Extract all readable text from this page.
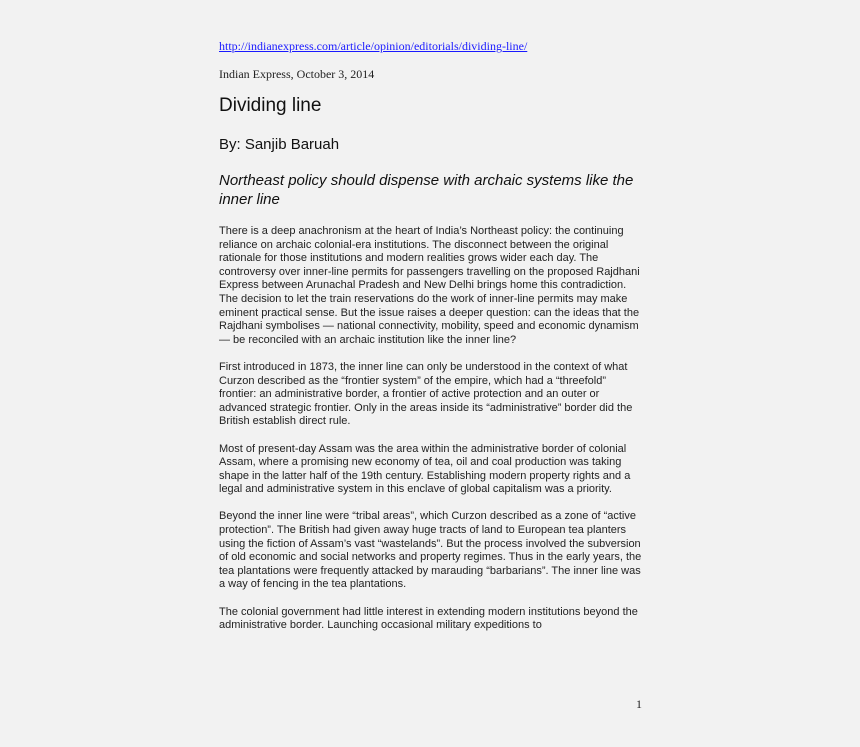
http://indianexpress.com/article/opinion/editorials/dividing-line/
Indian Express, October 3, 2014
Dividing line
By: Sanjib Baruah
Northeast policy should dispense with archaic systems like the inner line

There is a deep anachronism at the heart of India’s Northeast policy: the continuing reliance on archaic colonial-era institutions. The disconnect between the original rationale for those institutions and modern realities grows wider each day. The controversy over inner-line permits for passengers travelling on the proposed Rajdhani Express between Arunachal Pradesh and New Delhi brings home this contradiction. The decision to let the train reservations do the work of inner-line permits may make eminent practical sense. But the issue raises a deeper question: can the ideas that the Rajdhani symbolises — national connectivity, mobility, speed and economic dynamism — be reconciled with an archaic institution like the inner line?

First introduced in 1873, the inner line can only be understood in the context of what Curzon described as the “frontier system” of the empire, which had a “threefold” frontier: an administrative border, a frontier of active protection and an outer or advanced strategic frontier. Only in the areas inside its “administrative” border did the British establish direct rule.

Most of present-day Assam was the area within the administrative border of colonial Assam, where a promising new economy of tea, oil and coal production was taking shape in the latter half of the 19th century. Establishing modern property rights and a legal and administrative system in this enclave of global capitalism was a priority.

Beyond the inner line were “tribal areas”, which Curzon described as a zone of “active protection”. The British had given away huge tracts of land to European tea planters using the fiction of Assam’s vast “wastelands”. But the process involved the subversion of old economic and social networks and property regimes. Thus in the early years, the tea plantations were frequently attacked by marauding “barbarians”. The inner line was a way of fencing in the tea plantations.

The colonial government had little interest in extending modern institutions beyond the administrative border. Launching occasional military expeditions to

1
